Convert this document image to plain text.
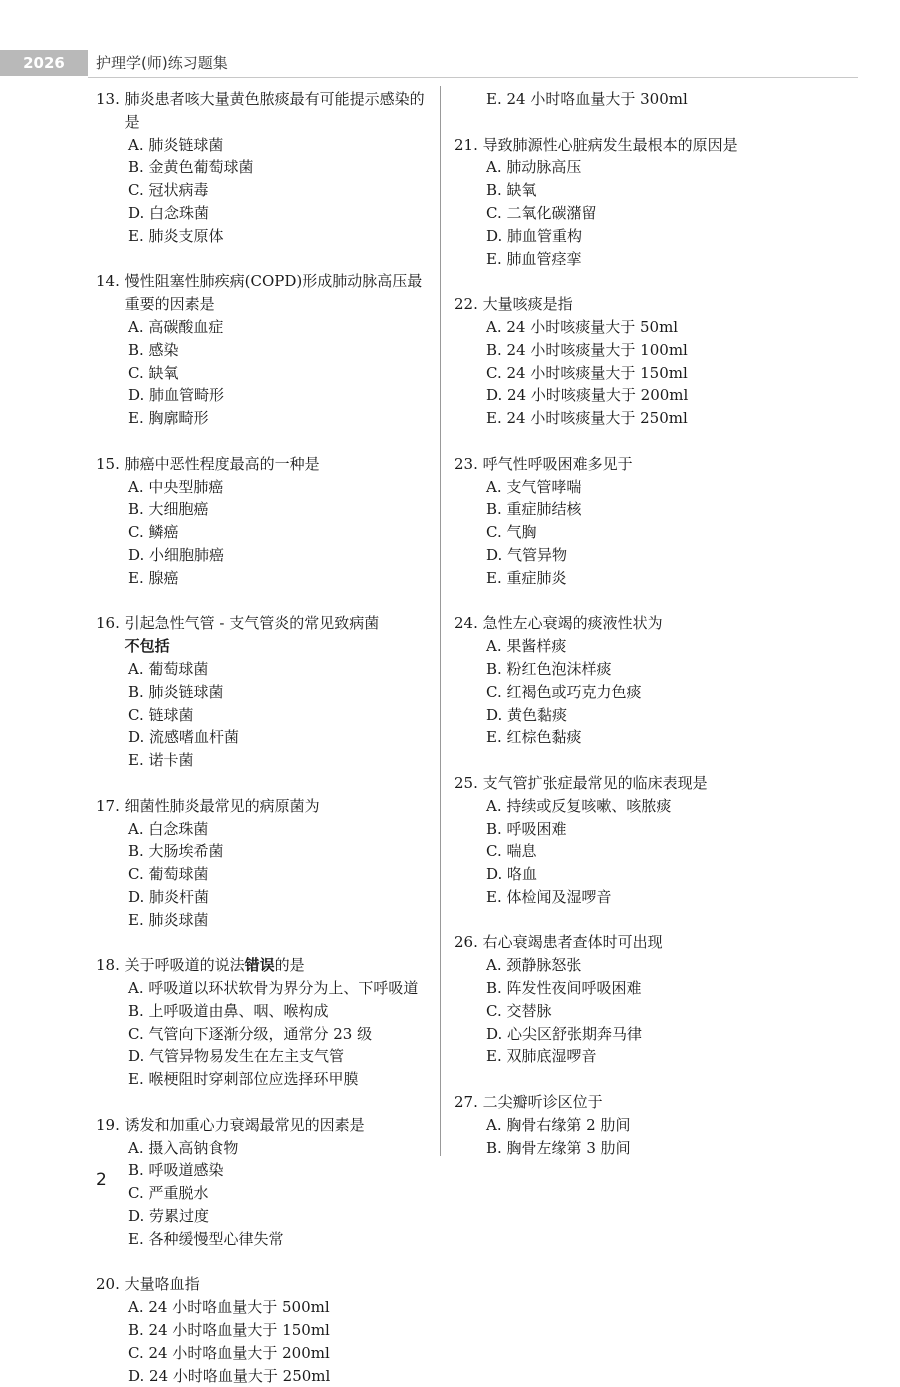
2026	护理学(师)练习题集
13.
肺炎患者咳大量黄色脓痰最有可能提示感染的是
A. 肺炎链球菌
B. 金黄色葡萄球菌
C. 冠状病毒
D. 白念珠菌
E. 肺炎支原体
14.
慢性阻塞性肺疾病(COPD)形成肺动脉高压最重要的因素是
A. 高碳酸血症
B. 感染
C. 缺氧
D. 肺血管畸形
E. 胸廓畸形
15.
肺癌中恶性程度最高的一种是
A. 中央型肺癌
B. 大细胞癌
C. 鳞癌
D. 小细胞肺癌
E. 腺癌
16.
引起急性气管 - 支气管炎的常见致病菌
不包括
A. 葡萄球菌
B. 肺炎链球菌
C. 链球菌
D. 流感嗜血杆菌
E. 诺卡菌
17.
细菌性肺炎最常见的病原菌为
A. 白念珠菌
B. 大肠埃希菌
C. 葡萄球菌
D. 肺炎杆菌
E. 肺炎球菌
18.
关于呼吸道的说法错误的是
A. 呼吸道以环状软骨为界分为上、下呼吸道
B. 上呼吸道由鼻、咽、喉构成
C. 气管向下逐渐分级，通常分 23 级
D. 气管异物易发生在左主支气管
E. 喉梗阻时穿刺部位应选择环甲膜
19.
诱发和加重心力衰竭最常见的因素是
A. 摄入高钠食物
B. 呼吸道感染
C. 严重脱水
D. 劳累过度
E. 各种缓慢型心律失常
20.
大量咯血指
A. 24 小时咯血量大于 500ml
B. 24 小时咯血量大于 150ml
C. 24 小时咯血量大于 200ml
D. 24 小时咯血量大于 250ml
E. 24 小时咯血量大于 300ml
21.
导致肺源性心脏病发生最根本的原因是
A. 肺动脉高压
B. 缺氧
C. 二氧化碳潴留
D. 肺血管重构
E. 肺血管痉挛
22.
大量咳痰是指
A. 24 小时咳痰量大于 50ml
B. 24 小时咳痰量大于 100ml
C. 24 小时咳痰量大于 150ml
D. 24 小时咳痰量大于 200ml
E. 24 小时咳痰量大于 250ml
23.
呼气性呼吸困难多见于
A. 支气管哮喘
B. 重症肺结核
C. 气胸
D. 气管异物
E. 重症肺炎
24.
急性左心衰竭的痰液性状为
A. 果酱样痰
B. 粉红色泡沫样痰
C. 红褐色或巧克力色痰
D. 黄色黏痰
E. 红棕色黏痰
25.
支气管扩张症最常见的临床表现是
A. 持续或反复咳嗽、咳脓痰
B. 呼吸困难
C. 喘息
D. 咯血
E. 体检闻及湿啰音
26.
右心衰竭患者查体时可出现
A. 颈静脉怒张
B. 阵发性夜间呼吸困难
C. 交替脉
D. 心尖区舒张期奔马律
E. 双肺底湿啰音
27.
二尖瓣听诊区位于
A. 胸骨右缘第 2 肋间
B. 胸骨左缘第 3 肋间
2
